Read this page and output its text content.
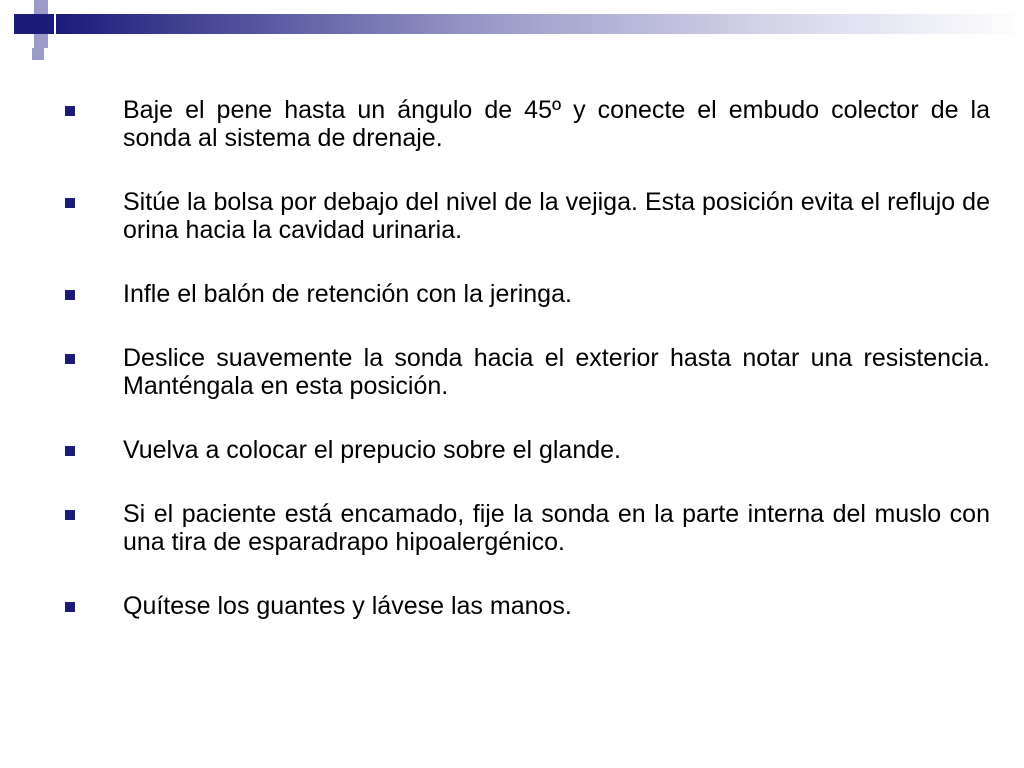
Baje el pene hasta un ángulo de 45º y conecte el embudo colector de la sonda al sistema de drenaje.
Sitúe la bolsa por debajo del nivel de la vejiga. Esta posición evita el reflujo de orina hacia la cavidad urinaria.
Infle el balón de retención con la jeringa.
Deslice suavemente la sonda hacia el exterior hasta notar una resistencia. Manténgala en esta posición.
Vuelva a colocar el prepucio sobre el glande.
Si el paciente está encamado, fije la sonda en la parte interna del muslo con una tira de esparadrapo hipoalergénico.
Quítese los guantes y lávese las manos.
